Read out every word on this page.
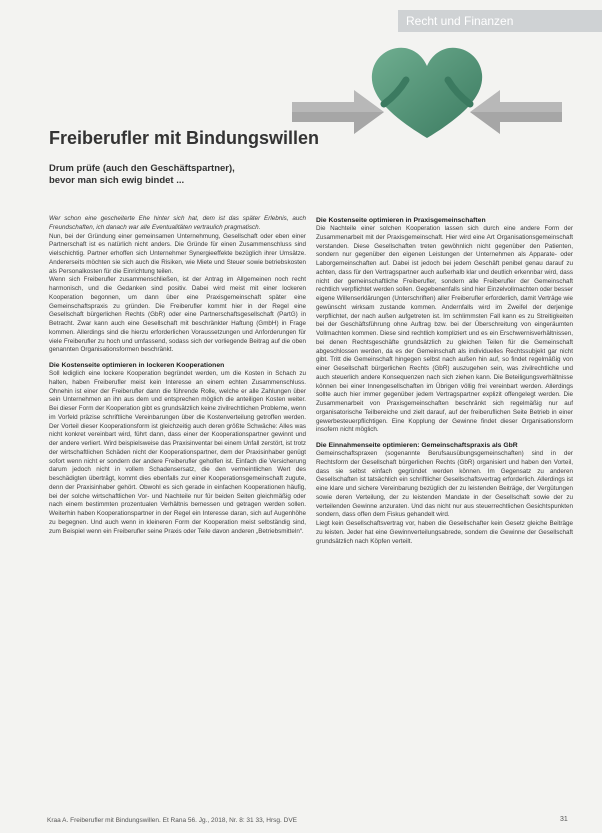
Recht und Finanzen
Freiberufler mit Bindungswillen
Drum prüfe (auch den Geschäftspartner),
bevor man sich ewig bindet ...

Wer schon eine gescheiterte Ehe hinter sich hat, dem ist das später Erlebnis, auch Freundschaften, ich danach war alle Eventualitäten vertraulich pragmatisch.

Nun, bei der Gründung einer gemeinsamen Unternehmung, Gesellschaft oder eben einer Partnerschaft ist es natürlich nicht anders. Die Gründe für einen Zusammenschluss sind vielschichtig. Partner erhoffen sich Unternehmer Synergieeffekte bezüglich ihrer Umsätze. Andererseits möchten sie sich auch die Risiken, wie Miete und Steuer sowie betriebskosten als Personalkosten für die Einrichtung teilen.

Wenn sich Freiberufler zusammenschließen, ist der Antrag im Allgemeinen noch recht harmonisch, und die Gedanken sind positiv. Dabei wird meist mit einer lockeren Kooperation begonnen, um dann über eine Praxisgemeinschaft später eine Gemeinschaftspraxis zu gründen. Die Freiberufler kommt hier in der Regel eine Gesellschaft bürgerlichen Rechts (GbR) oder eine Partnerschaftsgesellschaft (PartG) in Betracht. Zwar kann auch eine Gesellschaft mit beschränkter Haftung (GmbH) in Frage kommen. Allerdings sind die hierzu erforderlichen Voraussetzungen und Anforderungen für viele Freiberufler zu hoch und umfassend, sodass sich der vorliegende Beitrag auf die oben genannten Organisationsformen beschränkt.

Die Kostenseite optimieren in lockeren Kooperationen

Soll lediglich eine lockere Kooperation begründet werden, um die Kosten in Schach zu halten, haben Freiberufler meist kein Interesse an einem echten Zusammenschluss. Ohnehin ist einer der Freiberufler dann die führende Rolle, welche er alle Zahlungen über sein Unternehmen an ihn aus dem und entsprechen möglich die anteiligen Kosten weiter. Bei dieser Form der Kooperation gibt es grundsätzlich keine zivilrechtlichen Probleme, wenn im Vorfeld präzise schriftliche Vereinbarungen über die Kostenverteilung getroffen werden. Der Vorteil dieser Kooperationsform ist gleichzeitig auch deren größte Schwäche: Alles was nicht konkret vereinbart wird, führt dann, dass einer der Kooperationspartner gewinnt und der andere verliert. Wird beispielsweise das Praxisinventar bei einem Unfall zerstört, ist trotz der wirtschaftlichen Schäden nicht der Kooperationspartner, dem der Praxisinhaber genügt sofort wenn nicht er sondern der andere Freiberufler geholfen ist. Einfach die Versicherung darum jedoch nicht in vollem Schadensersatz, die den vermeintlichen Wert des beschädigten überträgt, kommt dies ebenfalls zur einer Kooperationsgemeinschaft zugute, denn der Praxisinhaber gehört. Obwohl es sich gerade in einfachen Kooperationen häufig, bei der solche wirtschaftlichen Vor- und Nachteile nur für beiden Seiten gleichmäßig oder nach einem bestimmten prozentualen Verhältnis bemessen und getragen werden sollen. Weiterhin haben Kooperationspartner in der Regel ein Interesse daran, sich auf Augenhöhe zu begegnen. Und auch wenn in kleineren Form der Kooperation meist selbständig sind, zum Beispiel wenn ein Freiberufler seine Praxis oder Teile davon anderen „Betriebsmitteln“.

Die Kostenseite optimieren in Praxisgemeinschaften

Die Nachteile einer solchen Kooperation lassen sich durch eine andere Form der Zusammenarbeit mit der Praxisgemeinschaft. Hier wird eine Art Organisationsgemeinschaft verstanden. Diese Gesellschaften treten gewöhnlich nicht gegenüber den Patienten, sondern nur gegenüber den eigenen Leistungen der Unternehmen als Apparate- oder Laborgemeinschaften auf. Dabei ist jedoch bei jedem Geschäft penibel genau darauf zu achten, dass für den Vertragspartner auch außerhalb klar und deutlich erkennbar wird, dass nicht der gemeinschaftliche Freiberufler, sondern alle Freiberufler der Gemeinschaft rechtlich verpflichtet werden sollen. Gegebenenfalls sind hier Einzelvollmachten oder besser eigene Willenserklärungen (Unterschriften) aller Freiberufler erforderlich, damit Verträge wie gewünscht wirksam zustande kommen. Andernfalls wird im Zweifel der derjenige verpflichtet, der nach außen aufgetreten ist. Im schlimmsten Fall kann es zu Streitigkeiten bei der Geschäftsführung ohne Auftrag bzw. bei der Überschreitung von eingeräumten Vollmachten kommen. Diese sind rechtlich kompliziert und es ein Erschwernisverhältnissen, bei denen Rechtsgeschäfte grundsätzlich zu gleichen Teilen für die Gemeinschaft abgeschlossen werden, da es der Gemeinschaft als individuelles Rechtssubjekt gar nicht gibt. Tritt die Gemeinschaft hingegen selbst nach außen hin auf, so findet regelmäßig von einer Gesellschaft bürgerlichen Rechts (GbR) auszugehen sein, was zivilrechtliche und auch steuerlich andere Konsequenzen nach sich ziehen kann. Die Beteiligungsverhältnisse können bei einer Innengesellschaften im Übrigen völlig frei vereinbart werden. Allerdings sollte auch hier immer gegenüber jedem Vertragspartner explizit offengelegt werden. Die Zusammenarbeit von Praxisgemeinschaften beschränkt sich regelmäßig nur auf organisatorische Teilbereiche und zielt darauf, auf der freiberuflichen Seite Betrieb in einer gewerbesteuerpflichtigen. Eine Kopplung der Gewinne findet dieser Organisationsform insofern nicht möglich.

Die Einnahmenseite optimieren: Gemeinschaftspraxis als GbR

Gemeinschaftspraxen (sogenannte Berufsausübungsgemeinschaften) sind in der Rechtsform der Gesellschaft bürgerlichen Rechts (GbR) organisiert und haben den Vorteil, dass sie selbst einfach gegründet werden können. Im Gegensatz zu anderen Gesellschaften ist tatsächlich ein schriftlicher Gesellschaftsvertrag erforderlich. Allerdings ist eine klare und sichere Vereinbarung bezüglich der zu leistenden Beiträge, der Vergütungen sowie deren Verteilung, der zu leistenden Mandate in der Gesellschaft sowie der zu verteilenden Gewinne anzuraten. Und das nicht nur aus steuerrechtlichen Gesichtspunkten sondern, dass offen dem Fiskus gehandelt wird.

Liegt kein Gesellschaftsvertrag vor, haben die Gesellschafter kein Gesetz gleiche Beiträge zu leisten. Jeder hat eine Gewinnverteilungsabrede, sondern die Gewinne der Gesellschaft grundsätzlich nach Köpfen verteilt.

Kraa A. Freiberufler mit Bindungswillen. Et Rana 56. Jg., 2018, Nr. 8: 31 33, Hrsg. DVE	31
